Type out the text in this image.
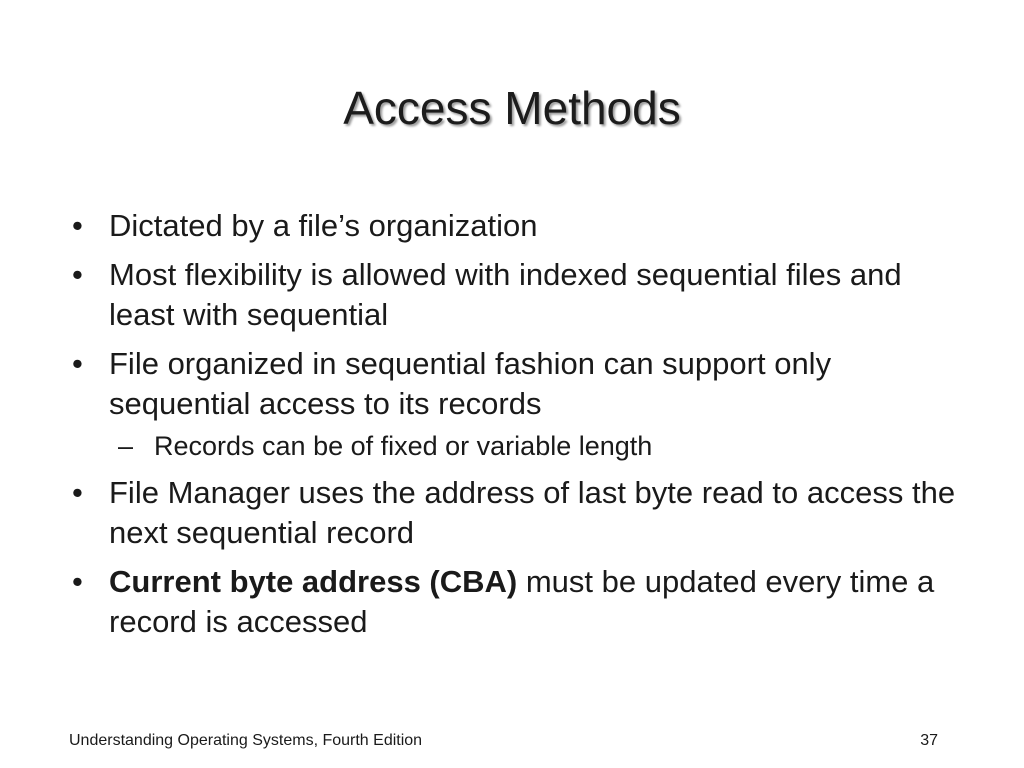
Access Methods
• Dictated by a file’s organization
• Most flexibility is allowed with indexed sequential files and least with sequential
• File organized in sequential fashion can support only sequential access to its records
– Records can be of fixed or variable length
• File Manager uses the address of last byte read to access the next sequential record
• Current byte address (CBA) must be updated every time a record is accessed
Understanding Operating Systems, Fourth Edition	37
